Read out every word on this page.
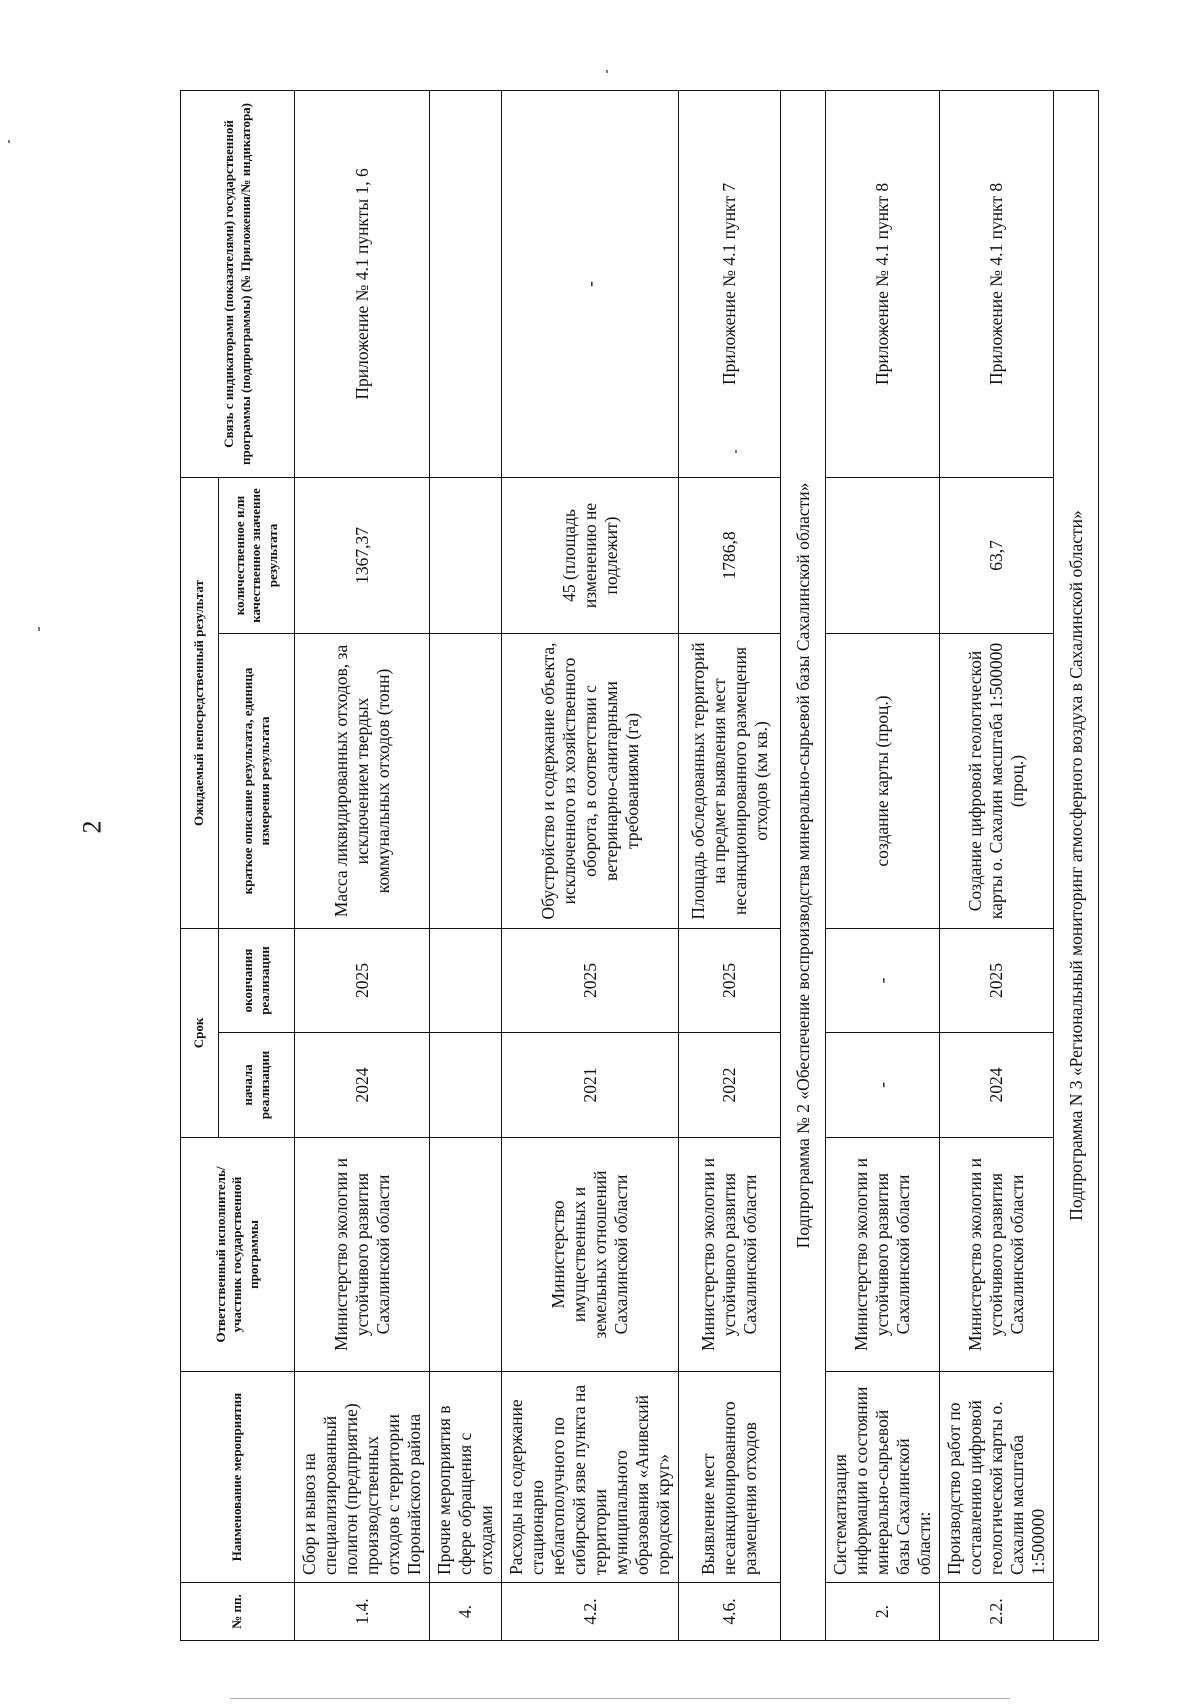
2
№ пп.	Наименование мероприятия	Ответственный исполнитель/участник государственной программы	Срок		Ожидаемый непосредственный результат		Связь с индикаторами (показателями) государственной программы (подпрограммы) (№ Приложения/№ индикатора)
			начала реализации	окончания реализации	краткое описание результата, единица измерения результата	количественное или качественное значение результата	
1.4.	Сбор и вывоз на специализированный полигон (предприятие) производственных отходов с территории Поронайского района	Министерство экологии и устойчивого развития Сахалинской области	2024	2025	Масса ликвидированных отходов, за исключением твердых коммунальных отходов (тонн)	1367,37	Приложение № 4.1 пункты 1, 6
4.	Прочие мероприятия в сфере обращения с отходами						
4.2.	Расходы на содержание стационарно неблагополучного по сибирской язве пункта на территории муниципального образования «Анивский городской круг»	Министерство имущественных и земельных отношений Сахалинской области	2021	2025	Обустройство и содержание объекта, исключенного из хозяйственного оборота, в соответствии с ветеринарно-санитарными требованиями (га)	45 (площадь изменению не подлежит)	-
4.6.	Выявление мест несанкционированного размещения отходов	Министерство экологии и устойчивого развития Сахалинской области	2022	2025	Площадь обследованных территорий на предмет выявления мест несанкционированного размещения отходов (км кв.)	1786,8	Приложение № 4.1 пункт 7
Подпрограмма № 2 «Обеспечение воспроизводства минерально-сырьевой базы Сахалинской области»							
2.	Систематизация информации о состоянии минерально-сырьевой базы Сахалинской области:	Министерство экологии и устойчивого развития Сахалинской области	-	-	создание карты (проц.)		Приложение № 4.1 пункт 8
2.2.	Производство работ по составлению цифровой геологической карты о. Сахалин масштаба 1:500000	Министерство экологии и устойчивого развития Сахалинской области	2024	2025	Создание цифровой геологической карты о. Сахалин масштаба 1:500000 (проц.)	63,7	Приложение № 4.1 пункт 8
Подпрограмма N 3 «Региональный мониторинг атмосферного воздуха в Сахалинской области»							
